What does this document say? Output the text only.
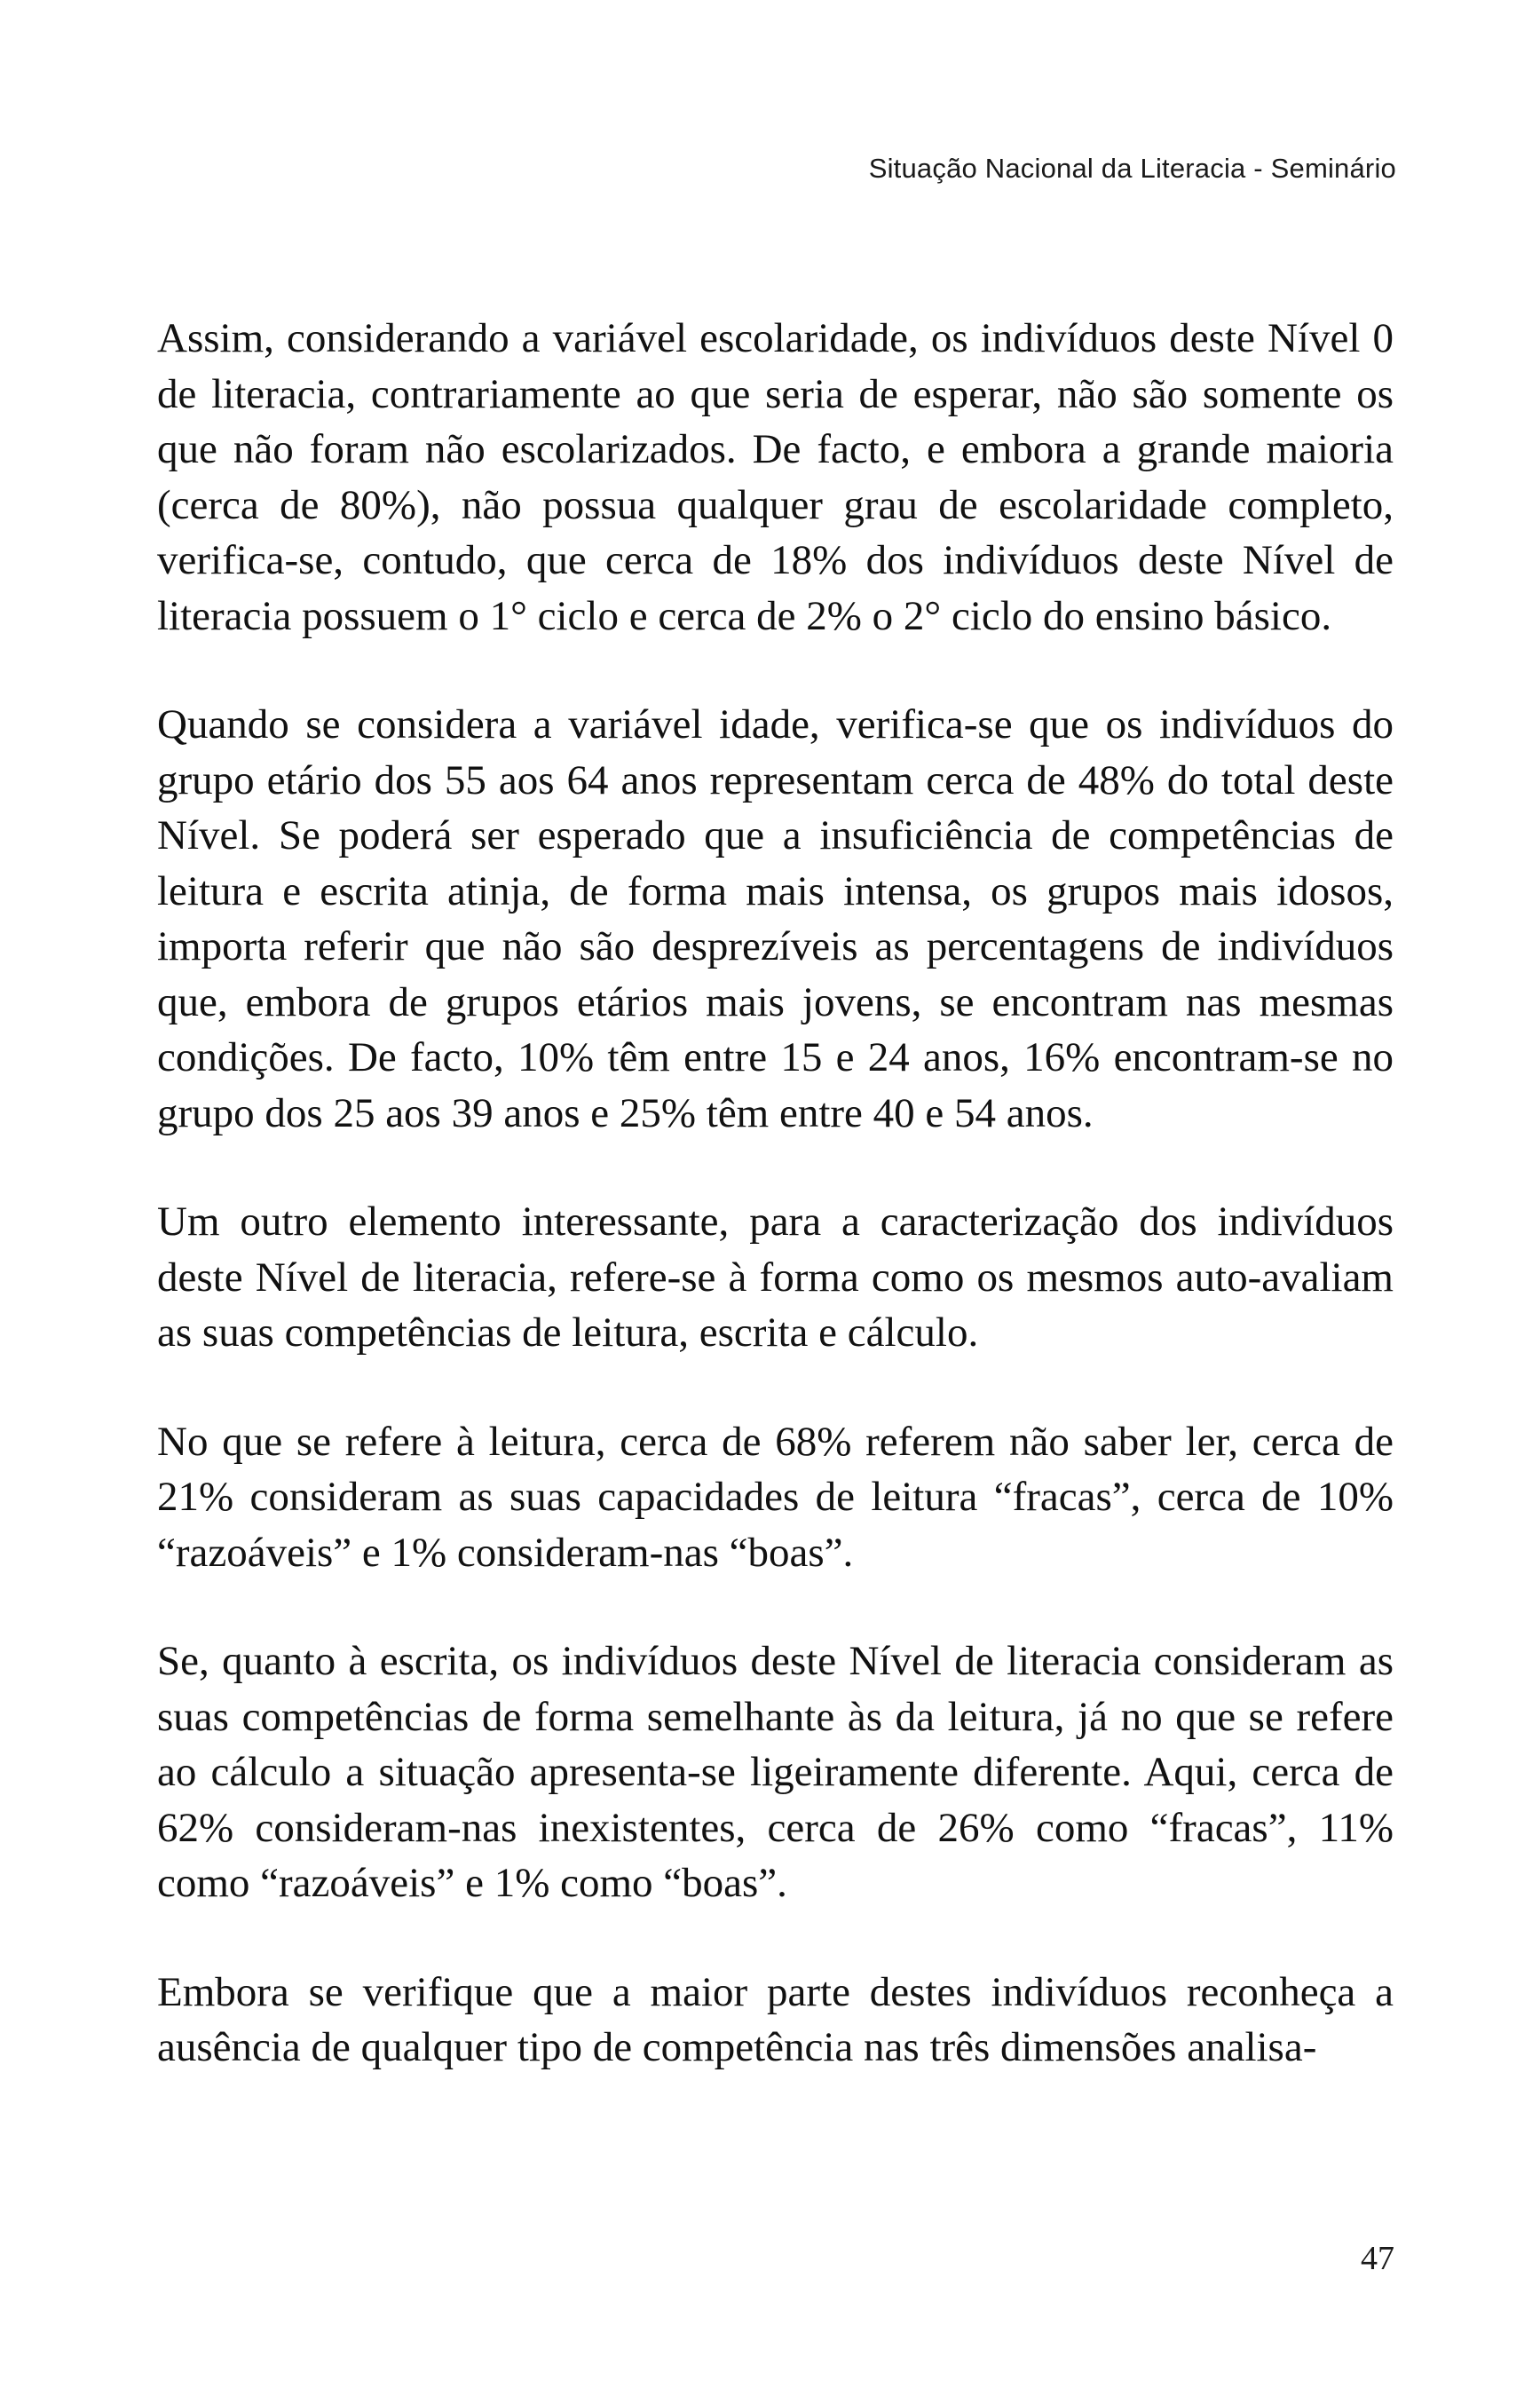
Situação Nacional da Literacia - Seminário

Assim, considerando a variável escolaridade, os indivíduos deste Nível 0 de literacia, contrariamente ao que seria de esperar, não são somente os que não foram não escolarizados. De facto, e embora a grande maioria (cerca de 80%), não possua qualquer grau de escolaridade completo, verifica-se, contudo, que cerca de 18% dos indivíduos deste Nível de literacia possuem o 1° ciclo e cerca de 2% o 2° ciclo do ensino básico.

Quando se considera a variável idade, verifica-se que os indivíduos do grupo etário dos 55 aos 64 anos representam cerca de 48% do total deste Nível. Se poderá ser esperado que a insuficiência de competências de leitura e escrita atinja, de forma mais intensa, os grupos mais idosos, importa referir que não são desprezíveis as percentagens de indivíduos que, embora de grupos etários mais jovens, se encontram nas mesmas condições. De facto, 10% têm entre 15 e 24 anos, 16% encontram-se no grupo dos 25 aos 39 anos e 25% têm entre 40 e 54 anos.

Um outro elemento interessante, para a caracterização dos indivíduos deste Nível de literacia, refere-se à forma como os mesmos auto-avaliam as suas competências de leitura, escrita e cálculo.

No que se refere à leitura, cerca de 68% referem não saber ler, cerca de 21% consideram as suas capacidades de leitura “fracas”, cerca de 10% “razoáveis” e 1% consideram-nas “boas”.

Se, quanto à escrita, os indivíduos deste Nível de literacia consideram as suas competências de forma semelhante às da leitura, já no que se refere ao cálculo a situação apresenta-se ligeiramente diferente. Aqui, cerca de 62% consideram-nas inexistentes, cerca de 26% como “fracas”, 11% como “razoáveis” e 1% como “boas”.

Embora se verifique que a maior parte destes indivíduos reconheça a ausência de qualquer tipo de competência nas três dimensões analisa-

47
